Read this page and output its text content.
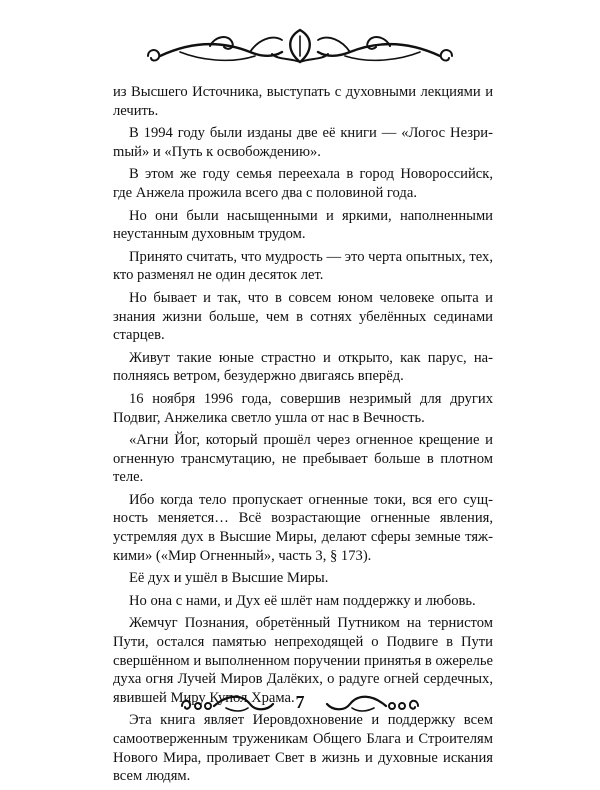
из Высшего Источника, выступать с духовными лекциями и лечить.

В 1994 году были изданы две её книги — «Логос Незриmый» и «Путь к освобождению».

В этом же году семья переехала в город Новороссийск, где Анжела прожила всего два с половиной года.

Но они были насыщенными и яркими, наполненными неустанным духовным трудом.

Принято считать, что мудрость — это черта опытных, тех, кто разменял не один десяток лет.

Но бывает и так, что в совсем юном человеке опыта и знания жизни больше, чем в сотнях убелённых сединами старцев.

Живут такие юные страстно и открыто, как парус, наполняясь ветром, безудержно двигаясь вперёд.

16 ноября 1996 года, совершив незримый для других Подвиг, Анжелика светло ушла от нас в Вечность.

«Агни Йог, который прошёл через огненное крещение и огненную трансмутацию, не пребывает больше в плотном теле.

Ибо когда тело пропускает огненные токи, вся его сущность меняется… Всё возрастающие огненные явления, устремляя дух в Высшие Миры, делают сферы земные тяжкими» («Мир Огненный», часть 3, § 173).

Её дух и ушёл в Высшие Миры.

Но она с нами, и Дух её шлёт нам поддержку и любовь.

Жемчуг Познания, обретённый Путником на тернистом Пути, остался памятью непреходящей о Подвиге в Пути свершённом и выполненном поручении принятья в ожерелье духа огня Лучей Миров Далёких, о радуге огней сердечных, явившей Миру Купол Храма.

Эта книга являет Иеровдохновение и поддержку всем самоотверженным труженикам Общего Блага и Строителям Нового Мира, проливает Свет в жизнь и духовные искания всем людям.

7
